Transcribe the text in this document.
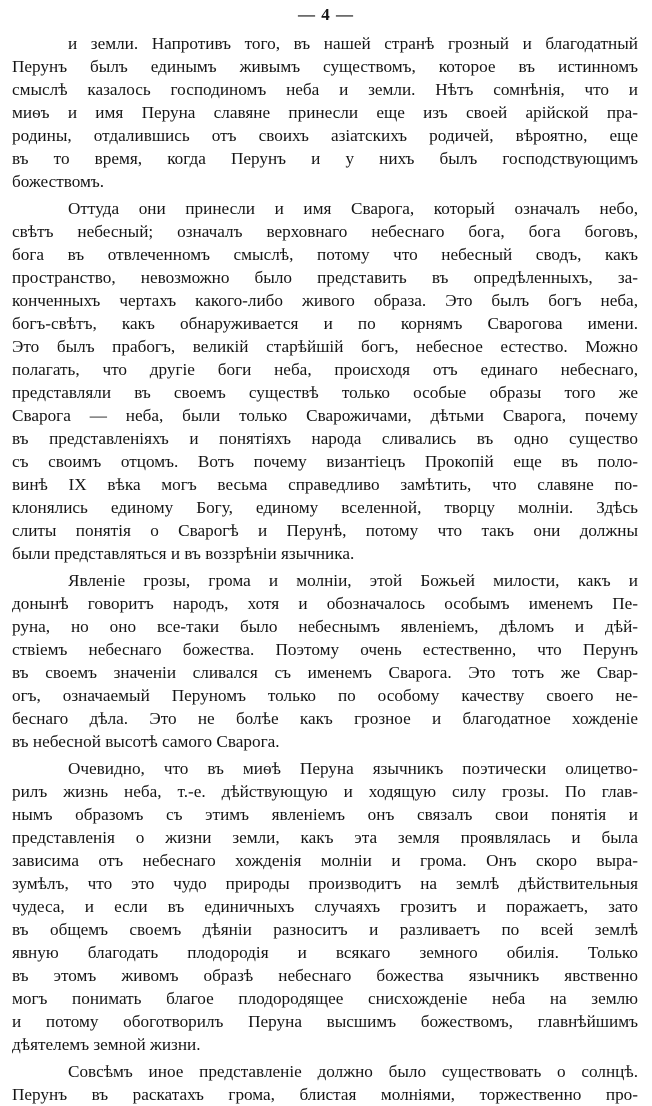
— 4 —
и земли. Напротивъ того, въ нашей странѣ грозный и благодатный
Перунъ былъ единымъ живымъ существомъ, которое въ истинномъ
смыслѣ казалось господиномъ неба и земли. Нѣтъ сомнѣнія, что и
миѳъ и имя Перуна славяне принесли еще изъ своей арійской пра-
родины, отдалившись отъ своихъ азіатскихъ родичей, вѣроятно, еще
въ то время, когда Перунъ и у нихъ былъ господствующимъ
божествомъ.
Оттуда они принесли и имя Сварога, который означалъ небо,
свѣтъ небесный; означалъ верховнаго небеснаго бога, бога боговъ,
бога въ отвлеченномъ смыслѣ, потому что небесный сводъ, какъ
пространство, невозможно было представить въ опредѣленныхъ, за-
конченныхъ чертахъ какого-либо живого образа. Это былъ богъ неба,
богъ-свѣтъ, какъ обнаруживается и по корнямъ Сварогова имени.
Это былъ прабогъ, великій старѣйшій богъ, небесное естество. Можно
полагать, что другіе боги неба, происходя отъ единаго небеснаго,
представляли въ своемъ существѣ только особые образы того же
Сварога — неба, были только Сварожичами, дѣтьми Сварога, почему
въ представленіяхъ и понятіяхъ народа сливались въ одно существо
съ своимъ отцомъ. Вотъ почему византіецъ Прокопій еще въ поло-
винѣ IX вѣка могъ весьма справедливо замѣтить, что славяне по-
клонялись единому Богу, единому вселенной, творцу молніи. Здѣсь
слиты понятія о Сварогѣ и Перунѣ, потому что такъ они должны
были представляться и въ воззрѣніи язычника.
Явленіе грозы, грома и молніи, этой Божьей милости, какъ и
донынѣ говоритъ народъ, хотя и обозначалось особымъ именемъ Пе-
руна, но оно все-таки было небеснымъ явленіемъ, дѣломъ и дѣй-
ствіемъ небеснаго божества. Поэтому очень естественно, что Перунъ
въ своемъ значеніи сливался съ именемъ Сварога. Это тотъ же Свар-
огъ, означаемый Перуномъ только по особому качеству своего не-
беснаго дѣла. Это не болѣе какъ грозное и благодатное хожденіе
въ небесной высотѣ самого Сварога.
Очевидно, что въ миѳѣ Перуна язычникъ поэтически олицетво-
рилъ жизнь неба, т.-е. дѣйствующую и ходящую силу грозы. По глав-
нымъ образомъ съ этимъ явленіемъ онъ связалъ свои понятія и
представленія о жизни земли, какъ эта земля проявлялась и была
зависима отъ небеснаго хожденія молніи и грома. Онъ скоро выра-
зумѣлъ, что это чудо природы производитъ на землѣ дѣйствительныя
чудеса, и если въ единичныхъ случаяхъ грозитъ и поражаетъ, зато
въ общемъ своемъ дѣяніи разноситъ и разливаетъ по всей землѣ
явную благодать плодородія и всякаго земного обилія. Только
въ этомъ живомъ образѣ небеснаго божества язычникъ явственно
могъ понимать благое плодородящее снисхожденіе неба на землю
и потому обоготворилъ Перуна высшимъ божествомъ, главнѣйшимъ
дѣятелемъ земной жизни.
Совсѣмъ иное представленіе должно было существовать о солнцѣ.
Перунъ въ раскатахъ грома, блистая молніями, торжественно про-
